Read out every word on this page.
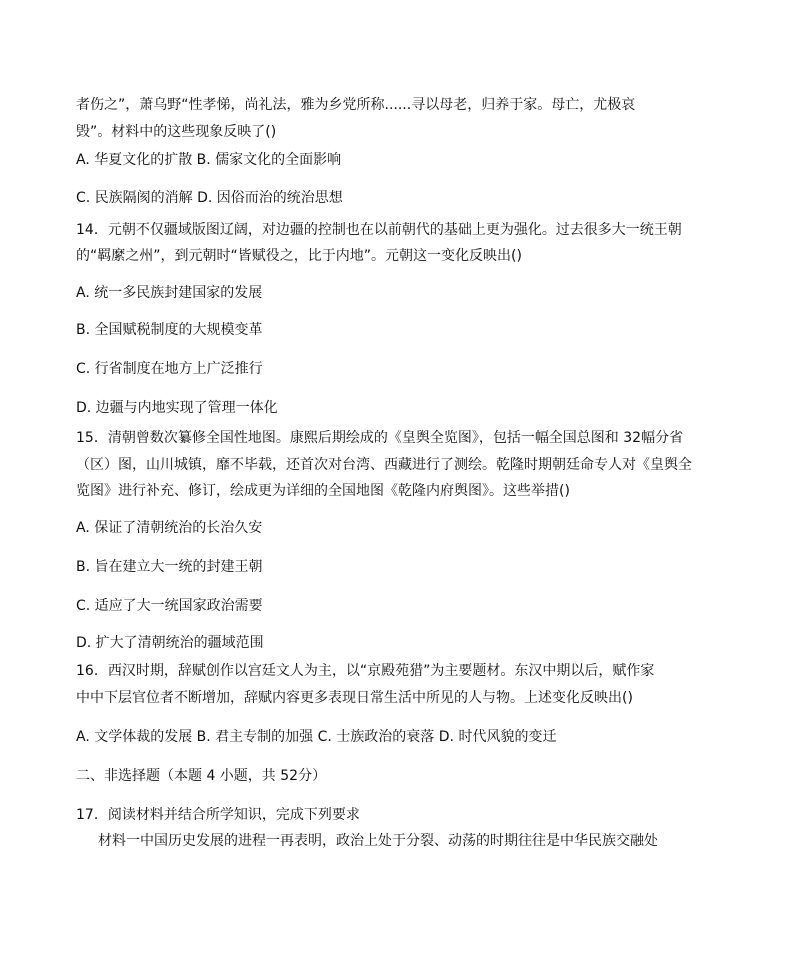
者伤之”，萧乌野“性孝悌，尚礼法，雅为乡党所称......寻以母老，归养于家。母亡，尤极哀

毁”。材料中的这些现象反映了()

A. 华夏文化的扩散 B. 儒家文化的全面影响

C. 民族隔阂的消解 D. 因俗而治的统治思想

14．元朝不仅疆域版图辽阔，对边疆的控制也在以前朝代的基础上更为强化。过去很多大一统王朝

的“羁縻之州”，到元朝时“皆赋役之，比于内地”。元朝这一变化反映出()

A. 统一多民族封建国家的发展

B. 全国赋税制度的大规模变革

C. 行省制度在地方上广泛推行

D. 边疆与内地实现了管理一体化

15．清朝曾数次纂修全国性地图。康熙后期绘成的《皇舆全览图》，包括一幅全国总图和 32幅分省

（区）图，山川城镇，靡不毕载，还首次对台湾、西藏进行了测绘。乾隆时期朝廷命专人对《皇舆全

览图》进行补充、修订，绘成更为详细的全国地图《乾隆内府舆图》。这些举措()

A. 保证了清朝统治的长治久安

B. 旨在建立大一统的封建王朝

C. 适应了大一统国家政治需要

D. 扩大了清朝统治的疆域范围

16．西汉时期，辞赋创作以宫廷文人为主，以“京殿苑猎”为主要题材。东汉中期以后，赋作家

中中下层官位者不断增加，辞赋内容更多表现日常生活中所见的人与物。上述变化反映出()

A. 文学体裁的发展 B. 君主专制的加强 C. 士族政治的衰落 D. 时代风貌的变迁

二、非选择题（本题 4 小题，共 52分）

17．阅读材料并结合所学知识，完成下列要求

材料一中国历史发展的进程一再表明，政治上处于分裂、动荡的时期往往是中华民族交融处
